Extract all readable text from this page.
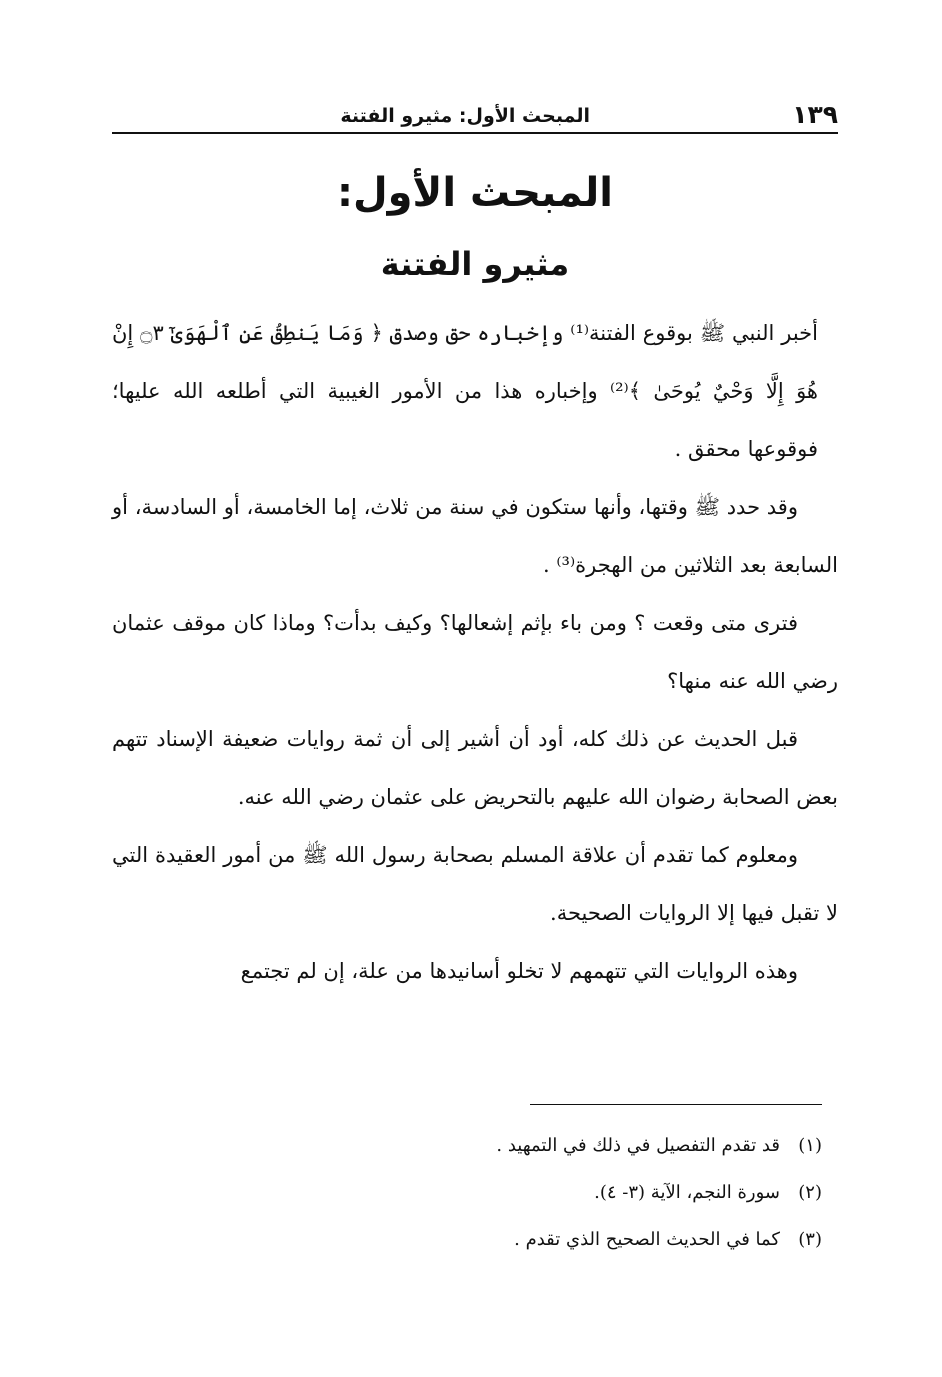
١٣٩
المبحث الأول: مثيرو الفتنة
المبحث الأول:
مثيرو الفتنة

أخبر النبي ﷺ بوقوع الفتنة⁽¹⁾ وإخباره حق وصدق ﴿ وَمَا يَنطِقُ عَنِ ٱلْهَوَىٰٓ ۝٣ إِنْ هُوَ إِلَّا وَحْيٌ يُوحَىٰ ﴾⁽²⁾ وإخباره هذا من الأمور الغيبية التي أطلعه الله عليها؛ فوقوعها محقق .

وقد حدد ﷺ وقتها، وأنها ستكون في سنة من ثلاث، إما الخامسة، أو السادسة، أو السابعة بعد الثلاثين من الهجرة⁽³⁾ .

فترى متى وقعت ؟ ومن باء بإثم إشعالها؟ وكيف بدأت؟ وماذا كان موقف عثمان رضي الله عنه منها؟

قبل الحديث عن ذلك كله، أود أن أشير إلى أن ثمة روايات ضعيفة الإسناد تتهم بعض الصحابة رضوان الله عليهم بالتحريض على عثمان رضي الله عنه.

ومعلوم كما تقدم أن علاقة المسلم بصحابة رسول الله ﷺ من أمور العقيدة التي لا تقبل فيها إلا الروايات الصحيحة.

وهذه الروايات التي تتهمهم لا تخلو أسانيدها من علة، إن لم تجتمع

(١)قد تقدم التفصيل في ذلك في التمهيد .
(٢)سورة النجم، الآية (٣- ٤).
(٣)كما في الحديث الصحيح الذي تقدم .
